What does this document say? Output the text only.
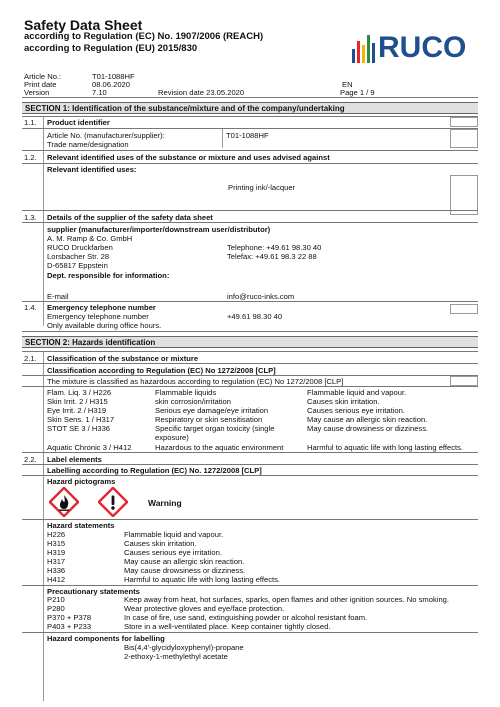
Safety Data Sheet
according to Regulation (EC) No. 1907/2006 (REACH)
according to Regulation (EU) 2015/830	RUCO
Article No.:	T01-1088HF
Print date	08.06.2020
Version	7.10	Revision date 23.05.2020
EN
Page 1 / 9
SECTION 1: Identification of the substance/mixture and of the company/undertaking
1.1. Product identifier
Article No. (manufacturer/supplier):	T01-1088HF
Trade name/designation
1.2. Relevant identified uses of the substance or mixture and uses advised against
Relevant identified uses:
Printing ink/-lacquer
1.3. Details of the supplier of the safety data sheet
supplier (manufacturer/importer/downstream user/distributor)
A. M. Ramp & Co. GmbH
RUCO Druckfarben
Lorsbacher Str. 28
D-65817 Eppstein
Telephone: +49.61 98.30 40
Telefax: +49.61 98.3 22 88
Dept. responsible for information:
E-mail	info@ruco-inks.com
1.4. Emergency telephone number
Emergency telephone number	+49.61 98.30 40
Only available during office hours.
SECTION 2: Hazards identification
2.1. Classification of the substance or mixture
Classification according to Regulation (EC) No 1272/2008 [CLP]
The mixture is classified as hazardous according to regulation (EC) No 1272/2008 [CLP]
Flam. Liq. 3 / H226	Flammable liquids	Flammable liquid and vapour.
Skin Irrit. 2 / H315	skin corrosion/irritation	Causes skin irritation.
Eye Irrit. 2 / H319	Serious eye damage/eye irritation	Causes serious eye irritation.
Skin Sens. 1 / H317	Respiratory or skin sensitisation	May cause an allergic skin reaction.
STOT SE 3 / H336	Specific target organ toxicity (single	May cause drowsiness or dizziness.
exposure)
Aquatic Chronic 3 / H412	Hazardous to the aquatic environment	Harmful to aquatic life with long lasting effects.
2.2. Label elements
Labelling according to Regulation (EC) No. 1272/2008 [CLP]
Hazard pictograms
Warning
Hazard statements
H226	Flammable liquid and vapour.
H315	Causes skin irritation.
H319	Causes serious eye irritation.
H317	May cause an allergic skin reaction.
H336	May cause drowsiness or dizziness.
H412	Harmful to aquatic life with long lasting effects.
Precautionary statements
P210	Keep away from heat, hot surfaces, sparks, open flames and other ignition sources. No smoking.
P280	Wear protective gloves and eye/face protection.
P370 + P378	In case of fire, use sand, extinguishing powder or alcohol resistant foam.
P403 + P233	Store in a well-ventilated place. Keep container tightly closed.
Hazard components for labelling
Bis(4,4'-glycidyloxyphenyl)-propane
2-ethoxy-1-methylethyl acetate
